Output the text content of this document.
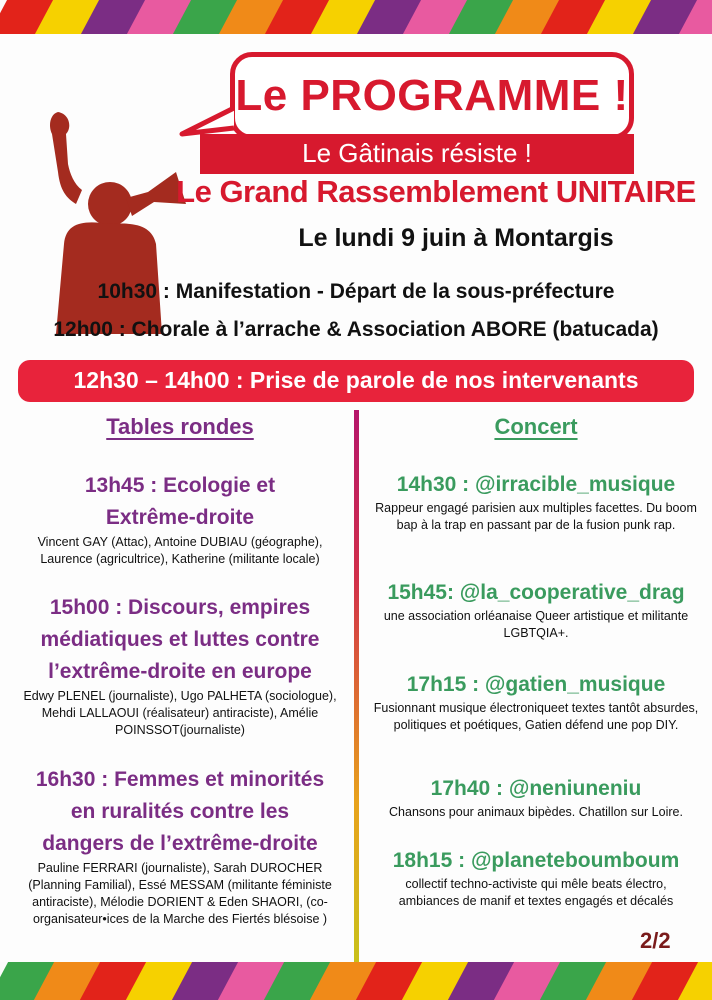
Le PROGRAMME !
Le Gâtinais résiste !
Le Grand Rassemblement UNITAIRE
Le lundi 9 juin à Montargis
10h30 : Manifestation - Départ de la sous-préfecture
12h00 : Chorale à l’arrache & Association ABORE (batucada)
12h30 – 14h00 : Prise de parole de nos intervenants
Tables rondes	Concert
13h45 : Ecologie et
Extrême-droite
Vincent GAY (Attac), Antoine DUBIAU (géographe), Laurence (agricultrice), Katherine (militante locale)
15h00 : Discours, empires
médiatiques et luttes contre
l’extrême-droite en europe
Edwy PLENEL (journaliste), Ugo PALHETA (sociologue), Mehdi LALLAOUI (réalisateur) antiraciste), Amélie POINSSOT(journaliste)
16h30 : Femmes et minorités
en ruralités contre les
dangers de l’extrême-droite
Pauline FERRARI (journaliste), Sarah DUROCHER (Planning Familial), Essé MESSAM (militante féministe antiraciste), Mélodie DORIENT & Eden SHAORI, (co-organisateur•ices de la Marche des Fiertés blésoise )
14h30 : @irracible_musique
Rappeur engagé parisien aux multiples facettes. Du boom bap à la trap en passant par de la fusion punk rap.
15h45: @la_cooperative_drag
une association orléanaise Queer artistique et militante LGBTQIA+.
17h15 : @gatien_musique
Fusionnant musique électroniqueet textes tantôt absurdes, politiques et poétiques, Gatien défend une pop DIY.
17h40 : @neniuneniu
Chansons pour animaux bipèdes. Chatillon sur Loire.
18h15 : @planeteboumboum
collectif techno-activiste qui mêle beats électro, ambiances de manif et textes engagés et décalés
2/2
